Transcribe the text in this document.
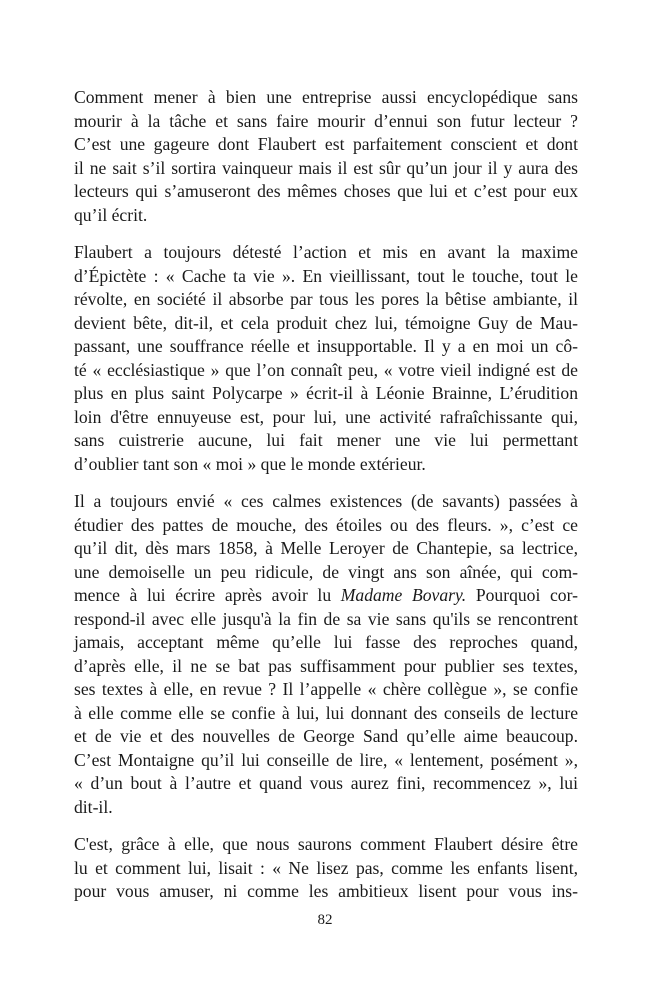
Comment mener à bien une entreprise aussi encyclopédique sans
mourir à la tâche et sans faire mourir d’ennui son futur lecteur ?
C’est une gageure dont Flaubert est parfaitement conscient et dont
il ne sait s’il sortira vainqueur mais il est sûr qu’un jour il y aura des
lecteurs qui s’amuseront des mêmes choses que lui et c’est pour eux
qu’il écrit.

Flaubert a toujours détesté l’action et mis en avant la maxime
d’Épictète : « Cache ta vie ». En vieillissant, tout le touche, tout le
révolte, en société il absorbe par tous les pores la bêtise ambiante, il
devient bête, dit-il, et cela produit chez lui, témoigne Guy de Mau-
passant, une souffrance réelle et insupportable. Il y a en moi un cô-
té « ecclésiastique » que l’on connaît peu, « votre vieil indigné est de
plus en plus saint Polycarpe » écrit-il à Léonie Brainne, L’érudition
loin d'être ennuyeuse est, pour lui, une activité rafraîchissante qui,
sans cuistrerie aucune, lui fait mener une vie lui permettant
d’oublier tant son « moi » que le monde extérieur.

Il a toujours envié « ces calmes existences (de savants) passées à
étudier des pattes de mouche, des étoiles ou des fleurs. », c’est ce
qu’il dit, dès mars 1858, à Melle Leroyer de Chantepie, sa lectrice,
une demoiselle un peu ridicule, de vingt ans son aînée, qui com-
mence à lui écrire après avoir lu Madame Bovary. Pourquoi cor-
respond-il avec elle jusqu'à la fin de sa vie sans qu'ils se rencontrent
jamais, acceptant même qu’elle lui fasse des reproches quand,
d’après elle, il ne se bat pas suffisamment pour publier ses textes,
ses textes à elle, en revue ? Il l’appelle « chère collègue », se confie
à elle comme elle se confie à lui, lui donnant des conseils de lecture
et de vie et des nouvelles de George Sand qu’elle aime beaucoup.
C’est Montaigne qu’il lui conseille de lire, « lentement, posément »,
« d’un bout à l’autre et quand vous aurez fini, recommencez », lui
dit-il.

C'est, grâce à elle, que nous saurons comment Flaubert désire être
lu et comment lui, lisait : « Ne lisez pas, comme les enfants lisent,
pour vous amuser, ni comme les ambitieux lisent pour vous ins-

82
